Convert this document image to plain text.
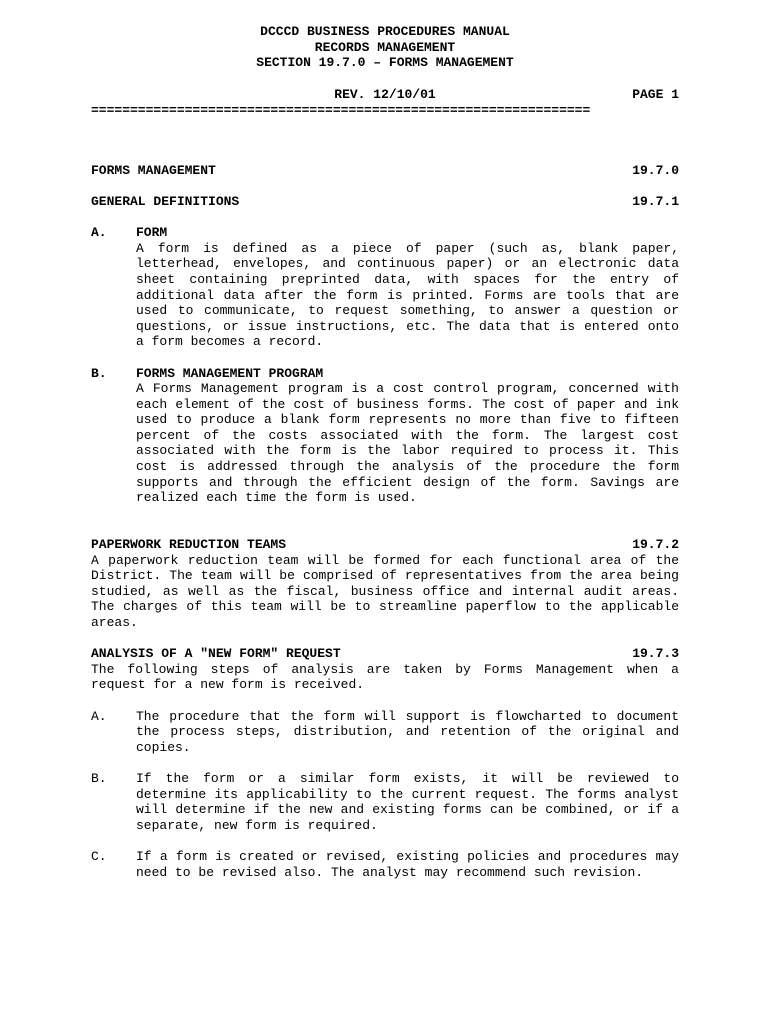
DCCCD BUSINESS PROCEDURES MANUAL
RECORDS MANAGEMENT
SECTION 19.7.0 – FORMS MANAGEMENT
REV. 12/10/01	PAGE 1
================================================================
FORMS MANAGEMENT	19.7.0
GENERAL DEFINITIONS	19.7.1
A.	FORM
A form is defined as a piece of paper (such as, blank paper, letterhead, envelopes, and continuous paper) or an electronic data sheet containing preprinted data, with spaces for the entry of additional data after the form is printed. Forms are tools that are used to communicate, to request something, to answer a question or questions, or issue instructions, etc. The data that is entered onto a form becomes a record.
B.	FORMS MANAGEMENT PROGRAM
A Forms Management program is a cost control program, concerned with each element of the cost of business forms. The cost of paper and ink used to produce a blank form represents no more than five to fifteen percent of the costs associated with the form. The largest cost associated with the form is the labor required to process it. This cost is addressed through the analysis of the procedure the form supports and through the efficient design of the form. Savings are realized each time the form is used.
PAPERWORK REDUCTION TEAMS	19.7.2
A paperwork reduction team will be formed for each functional area of the District. The team will be comprised of representatives from the area being studied, as well as the fiscal, business office and internal audit areas. The charges of this team will be to streamline paperflow to the applicable areas.
ANALYSIS OF A "NEW FORM" REQUEST	19.7.3
The following steps of analysis are taken by Forms Management when a request for a new form is received.
A.	The procedure that the form will support is flowcharted to document the process steps, distribution, and retention of the original and copies.
B.	If the form or a similar form exists, it will be reviewed to determine its applicability to the current request. The forms analyst will determine if the new and existing forms can be combined, or if a separate, new form is required.
C.	If a form is created or revised, existing policies and procedures may need to be revised also. The analyst may recommend such revision.
